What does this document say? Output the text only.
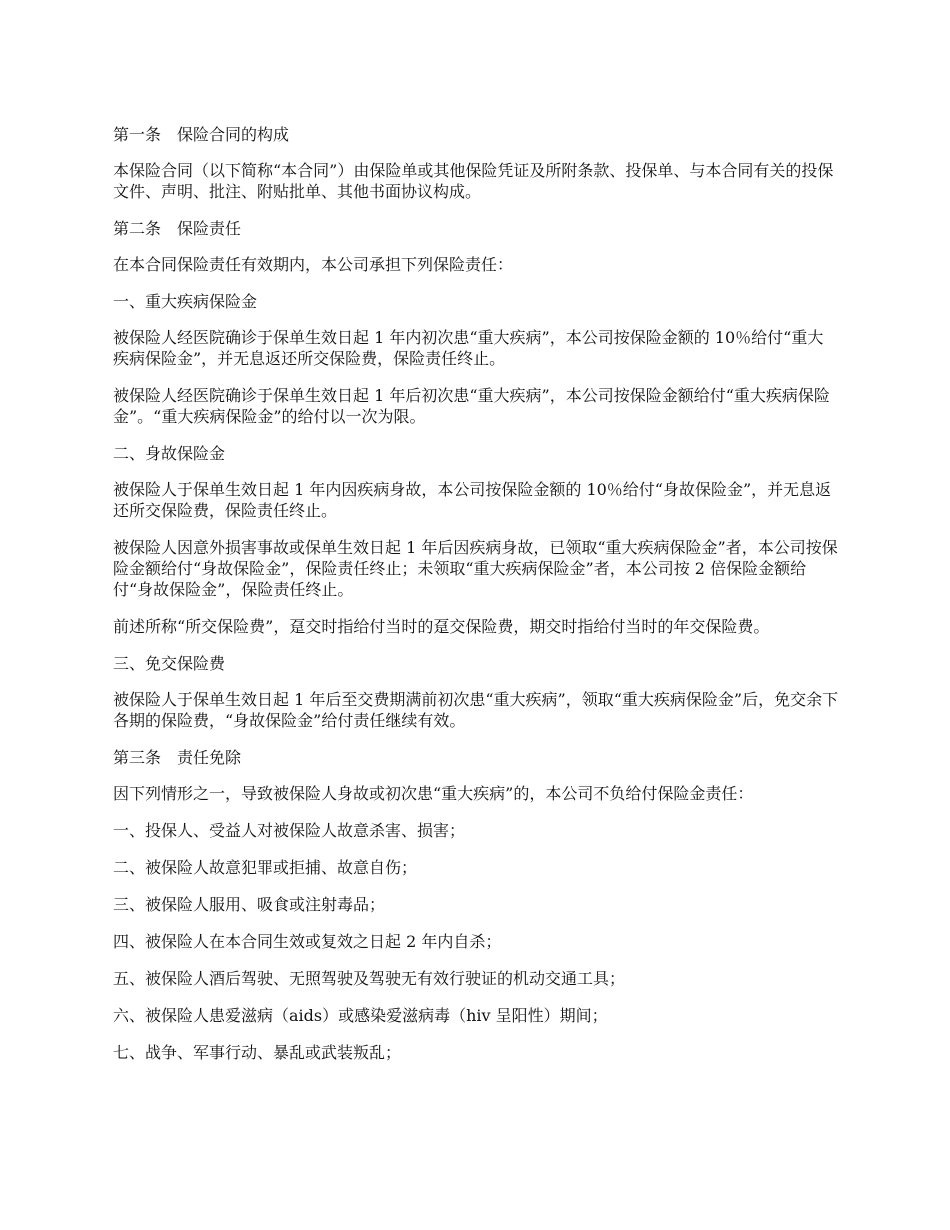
第一条　保险合同的构成

本保险合同（以下简称“本合同”）由保险单或其他保险凭证及所附条款、投保单、与本合同有关的投保文件、声明、批注、附贴批单、其他书面协议构成。

第二条　保险责任

在本合同保险责任有效期内，本公司承担下列保险责任：

一、重大疾病保险金

被保险人经医院确诊于保单生效日起 1 年内初次患“重大疾病”，本公司按保险金额的 10％给付“重大疾病保险金”，并无息返还所交保险费，保险责任终止。

被保险人经医院确诊于保单生效日起 1 年后初次患“重大疾病”，本公司按保险金额给付“重大疾病保险金”。“重大疾病保险金”的给付以一次为限。

二、身故保险金

被保险人于保单生效日起 1 年内因疾病身故，本公司按保险金额的 10％给付“身故保险金”，并无息返还所交保险费，保险责任终止。

被保险人因意外损害事故或保单生效日起 1 年后因疾病身故，已领取“重大疾病保险金”者，本公司按保险金额给付“身故保险金”，保险责任终止；未领取“重大疾病保险金”者，本公司按 2 倍保险金额给付“身故保险金”，保险责任终止。

前述所称“所交保险费”，趸交时指给付当时的趸交保险费，期交时指给付当时的年交保险费。

三、免交保险费

被保险人于保单生效日起 1 年后至交费期满前初次患“重大疾病”，领取“重大疾病保险金”后，免交余下各期的保险费，“身故保险金”给付责任继续有效。

第三条　责任免除

因下列情形之一，导致被保险人身故或初次患“重大疾病”的，本公司不负给付保险金责任：

一、投保人、受益人对被保险人故意杀害、损害；

二、被保险人故意犯罪或拒捕、故意自伤；

三、被保险人服用、吸食或注射毒品；

四、被保险人在本合同生效或复效之日起 2 年内自杀；

五、被保险人酒后驾驶、无照驾驶及驾驶无有效行驶证的机动交通工具；

六、被保险人患爱滋病（aids）或感染爱滋病毒（hiv 呈阳性）期间；

七、战争、军事行动、暴乱或武装叛乱；
